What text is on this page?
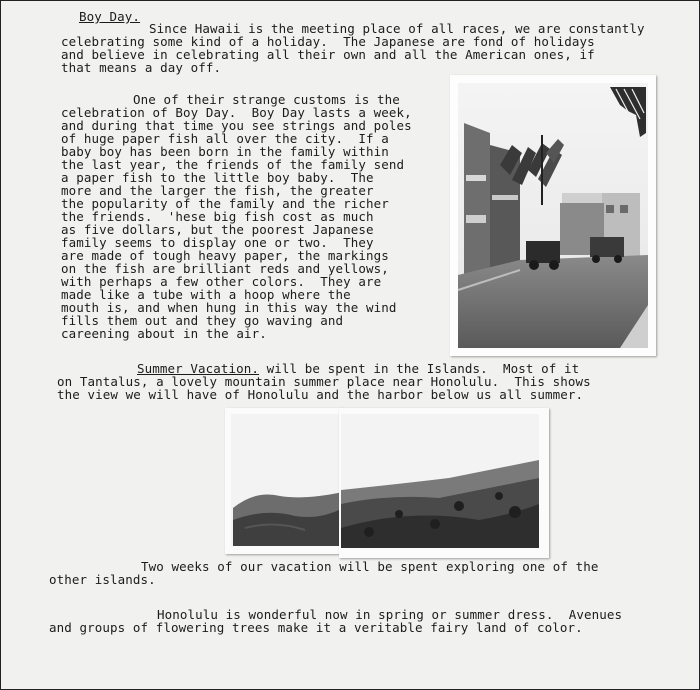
Boy Day.
Since Hawaii is the meeting place of all races, we are constantly
celebrating some kind of a holiday.  The Japanese are fond of holidays
and believe in celebrating all their own and all the American ones, if
that means a day off.
One of their strange customs is the
celebration of Boy Day.  Boy Day lasts a week,
and during that time you see strings and poles
of huge paper fish all over the city.  If a
baby boy has been born in the family within
the last year, the friends of the family send
a paper fish to the little boy baby.  The
more and the larger the fish, the greater
the popularity of the family and the richer
the friends.  'hese big fish cost as much
as five dollars, but the poorest Japanese
family seems to display one or two.  They
are made of tough heavy paper, the markings
on the fish are brilliant reds and yellows,
with perhaps a few other colors.  They are
made like a tube with a hoop where the
mouth is, and when hung in this way the wind
fills them out and they go waving and
careening about in the air.
Summer Vacation. will be spent in the Islands.  Most of it
on Tantalus, a lovely mountain summer place near Honolulu.  This shows
the view we will have of Honolulu and the harbor below us all summer.
Two weeks of our vacation will be spent exploring one of the
other islands.
Honolulu is wonderful now in spring or summer dress.  Avenues
and groups of flowering trees make it a veritable fairy land of color.
